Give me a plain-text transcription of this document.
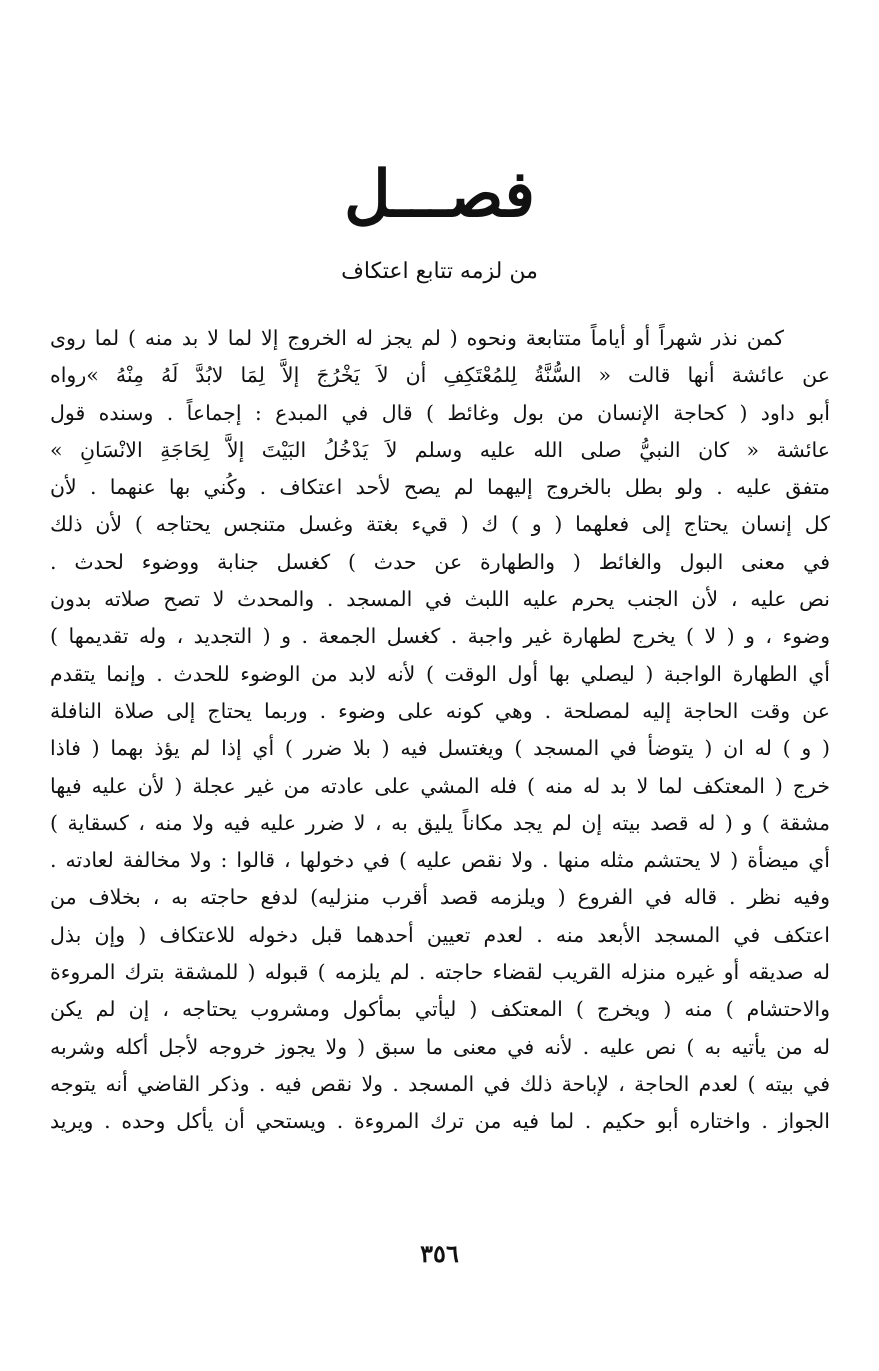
فصـــل
من لزمه تتابع اعتكاف
كمن نذر شهراً أو أياماً متتابعة ونحوه ( لم يجز له الخروج إلا لما لا بد منه ) لما روى
عن عائشة أنها قالت « السُّنَّةُ لِلمُعْتَكِفِ أن لاَ يَخْرُجَ إلاَّ لِمَا لابُدَّ لَهُ مِنْهُ »رواه
أبو داود ( كحاجة الإنسان من بول وغائط ) قال في المبدع : إجماعاً . وسنده قول
عائشة « كان النبيُّ صلى الله عليه وسلم لاَ يَدْخُلُ البَيْتَ إلاَّ لِحَاجَةِ الانْسَانِ »
متفق عليه . ولو بطل بالخروج إليهما لم يصح لأحد اعتكاف . وكُني بها عنهما . لأن
كل إنسان يحتاج إلى فعلهما ( و ) ك ( قيء بغتة وغسل متنجس يحتاجه ) لأن ذلك
في معنى البول والغائط ( والطهارة عن حدث ) كغسل جنابة ووضوء لحدث .
نص عليه ، لأن الجنب يحرم عليه اللبث في المسجد . والمحدث لا تصح صلاته بدون
وضوء ، و ( لا ) يخرج لطهارة غير واجبة . كغسل الجمعة . و ( التجديد ، وله تقديمها )
أي الطهارة الواجبة ( ليصلي بها أول الوقت ) لأنه لابد من الوضوء للحدث . وإنما يتقدم
عن وقت الحاجة إليه لمصلحة . وهي كونه على وضوء . وربما يحتاج إلى صلاة النافلة
( و ) له ان ( يتوضأ في المسجد ) ويغتسل فيه ( بلا ضرر ) أي إذا لم يؤذ بهما ( فاذا
خرج ( المعتكف لما لا بد له منه ) فله المشي على عادته من غير عجلة ( لأن عليه فيها
مشقة ) و ( له قصد بيته إن لم يجد مكاناً يليق به ، لا ضرر عليه فيه ولا منه ، كسقاية )
أي ميضأة ( لا يحتشم مثله منها . ولا نقص عليه ) في دخولها ، قالوا : ولا مخالفة لعادته .
وفيه نظر . قاله في الفروع ( ويلزمه قصد أقرب منزليه) لدفع حاجته به ، بخلاف من
اعتكف في المسجد الأبعد منه . لعدم تعيين أحدهما قبل دخوله للاعتكاف ( وإن بذل
له صديقه أو غيره منزله القريب لقضاء حاجته . لم يلزمه ) قبوله ( للمشقة بترك المروءة
والاحتشام ) منه ( ويخرج ) المعتكف ( ليأتي بمأكول ومشروب يحتاجه ، إن لم يكن
له من يأتيه به ) نص عليه . لأنه في معنى ما سبق ( ولا يجوز خروجه لأجل أكله وشربه
في بيته ) لعدم الحاجة ، لإباحة ذلك في المسجد . ولا نقص فيه . وذكر القاضي أنه يتوجه
الجواز . واختاره أبو حكيم . لما فيه من ترك المروءة . ويستحي أن يأكل وحده . ويريد
٣٥٦
